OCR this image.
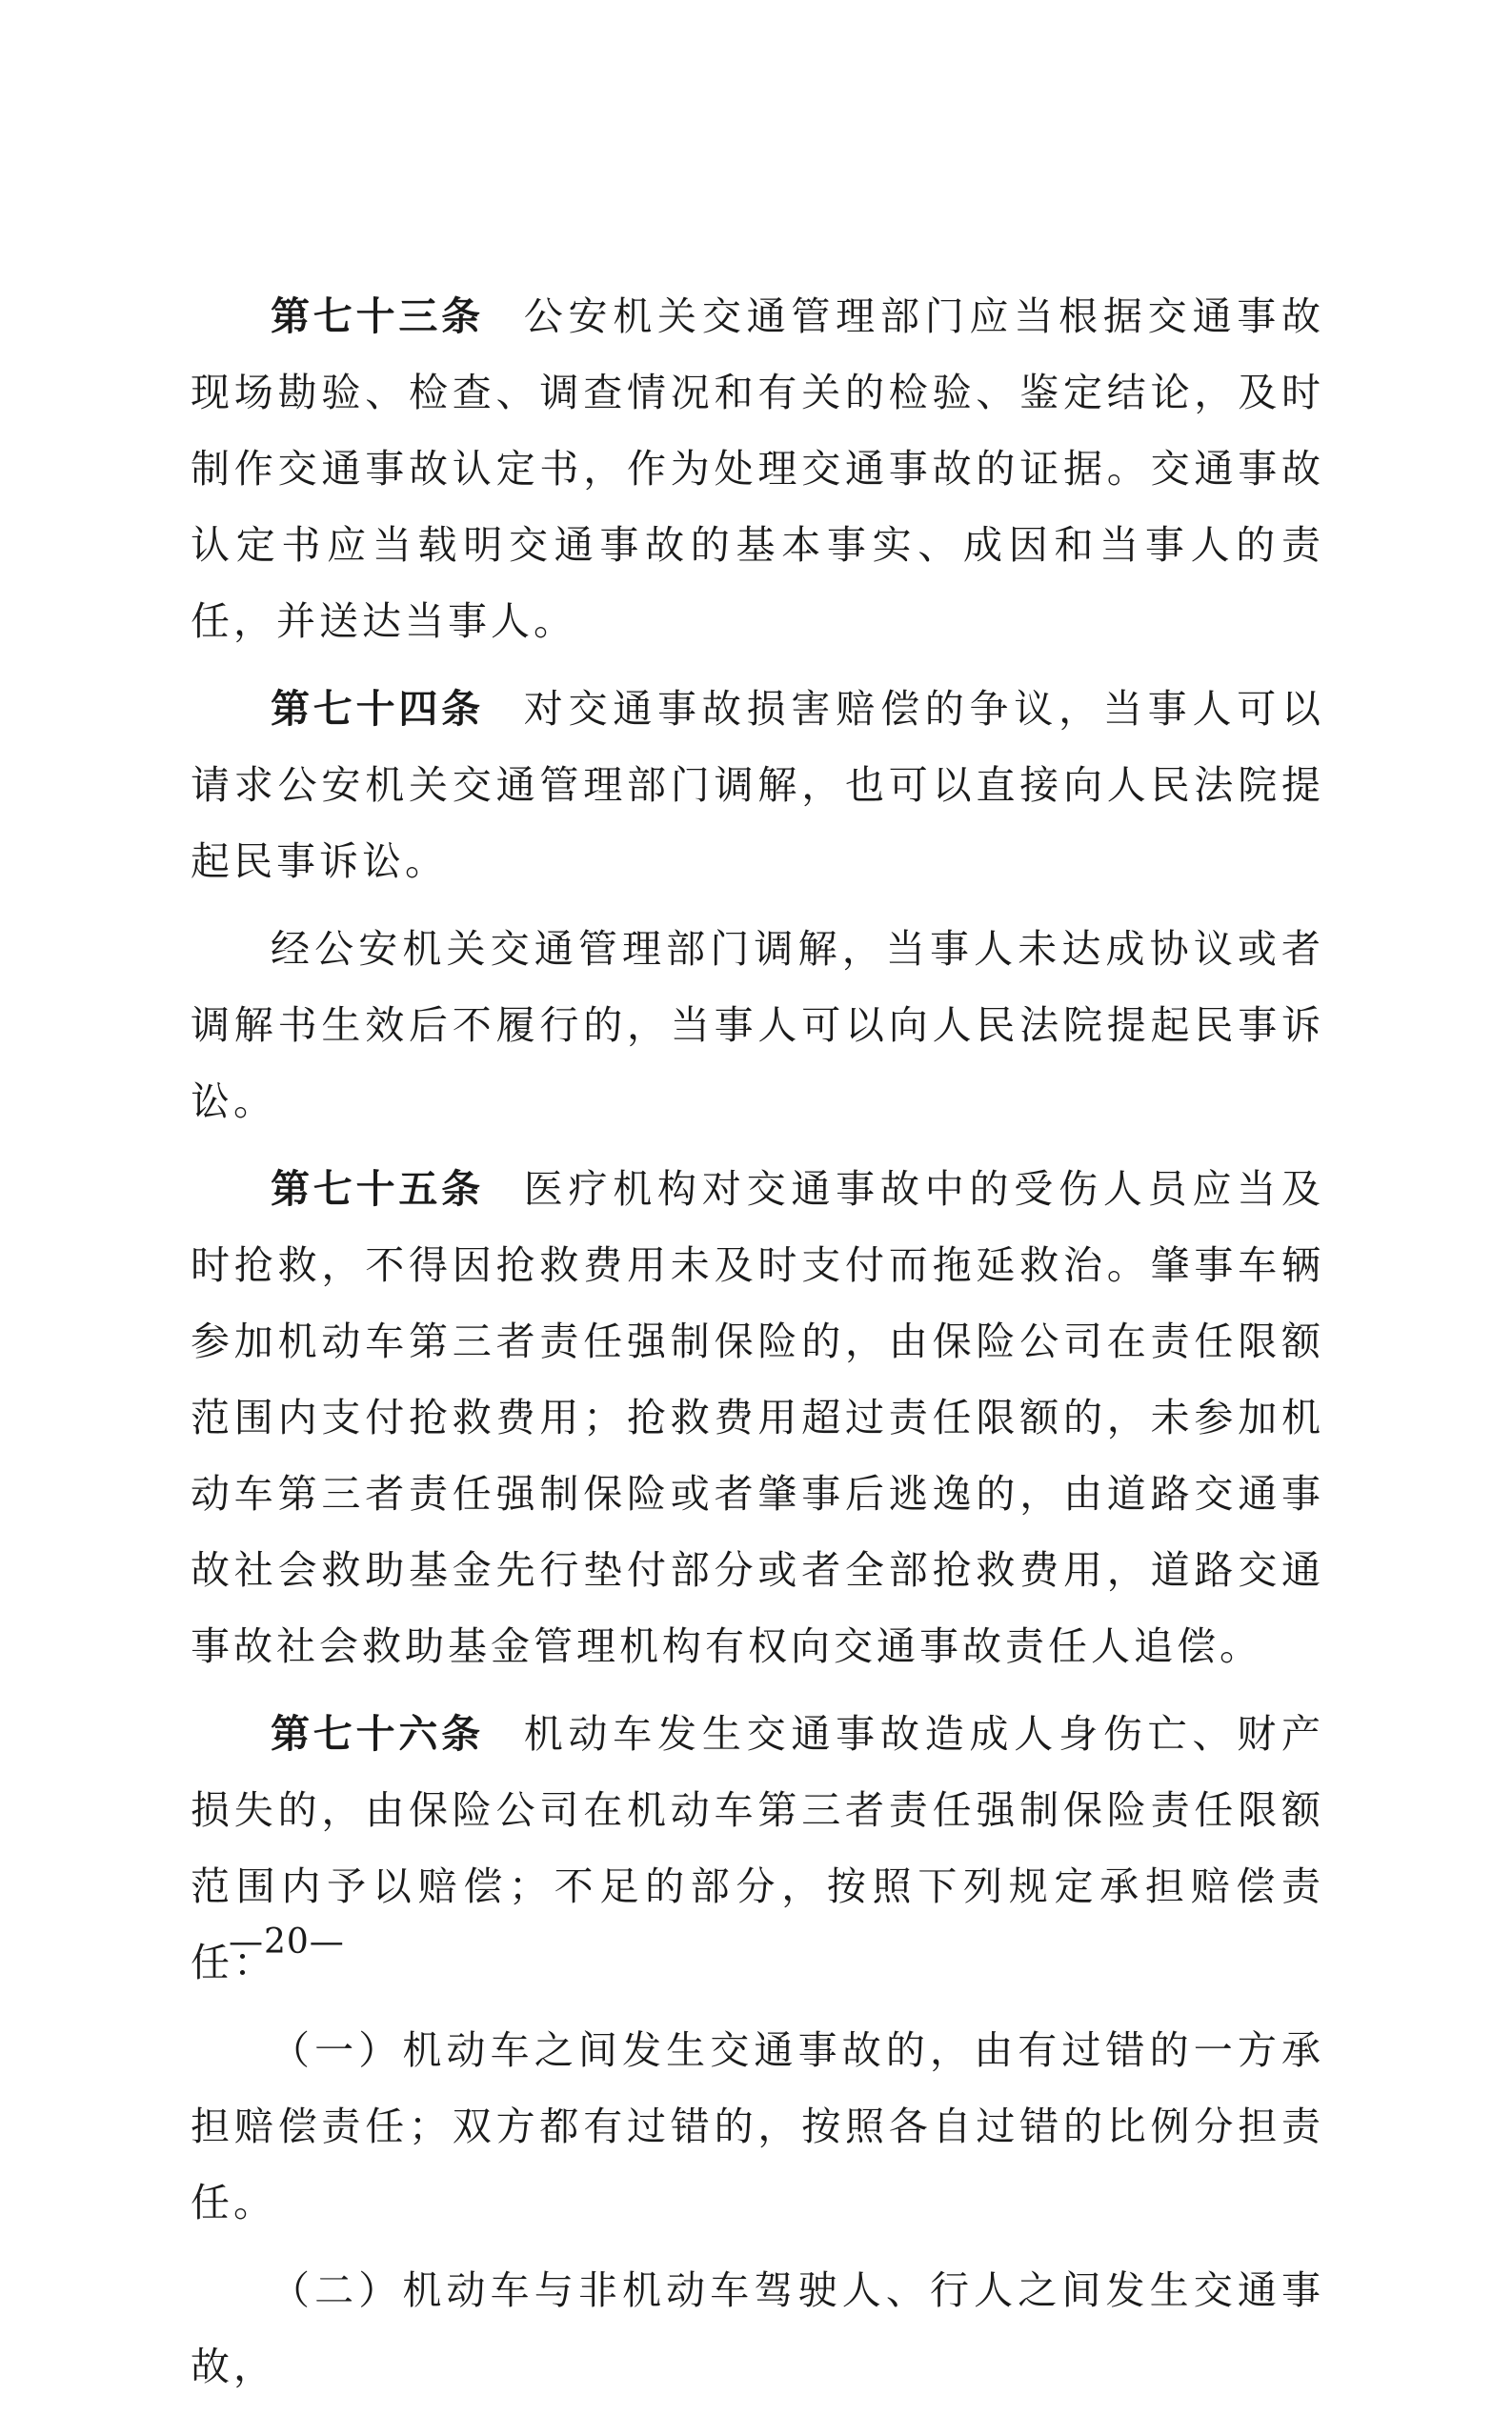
第七十三条 公安机关交通管理部门应当根据交通事故现场勘验、检查、调查情况和有关的检验、鉴定结论，及时制作交通事故认定书，作为处理交通事故的证据。交通事故认定书应当载明交通事故的基本事实、成因和当事人的责任，并送达当事人。

第七十四条 对交通事故损害赔偿的争议，当事人可以请求公安机关交通管理部门调解，也可以直接向人民法院提起民事诉讼。

经公安机关交通管理部门调解，当事人未达成协议或者调解书生效后不履行的，当事人可以向人民法院提起民事诉讼。

第七十五条 医疗机构对交通事故中的受伤人员应当及时抢救，不得因抢救费用未及时支付而拖延救治。肇事车辆参加机动车第三者责任强制保险的，由保险公司在责任限额范围内支付抢救费用；抢救费用超过责任限额的，未参加机动车第三者责任强制保险或者肇事后逃逸的，由道路交通事故社会救助基金先行垫付部分或者全部抢救费用，道路交通事故社会救助基金管理机构有权向交通事故责任人追偿。

第七十六条 机动车发生交通事故造成人身伤亡、财产损失的，由保险公司在机动车第三者责任强制保险责任限额范围内予以赔偿；不足的部分，按照下列规定承担赔偿责任：

（一）机动车之间发生交通事故的，由有过错的一方承担赔偿责任；双方都有过错的，按照各自过错的比例分担责任。

（二）机动车与非机动车驾驶人、行人之间发生交通事故，

—20—
